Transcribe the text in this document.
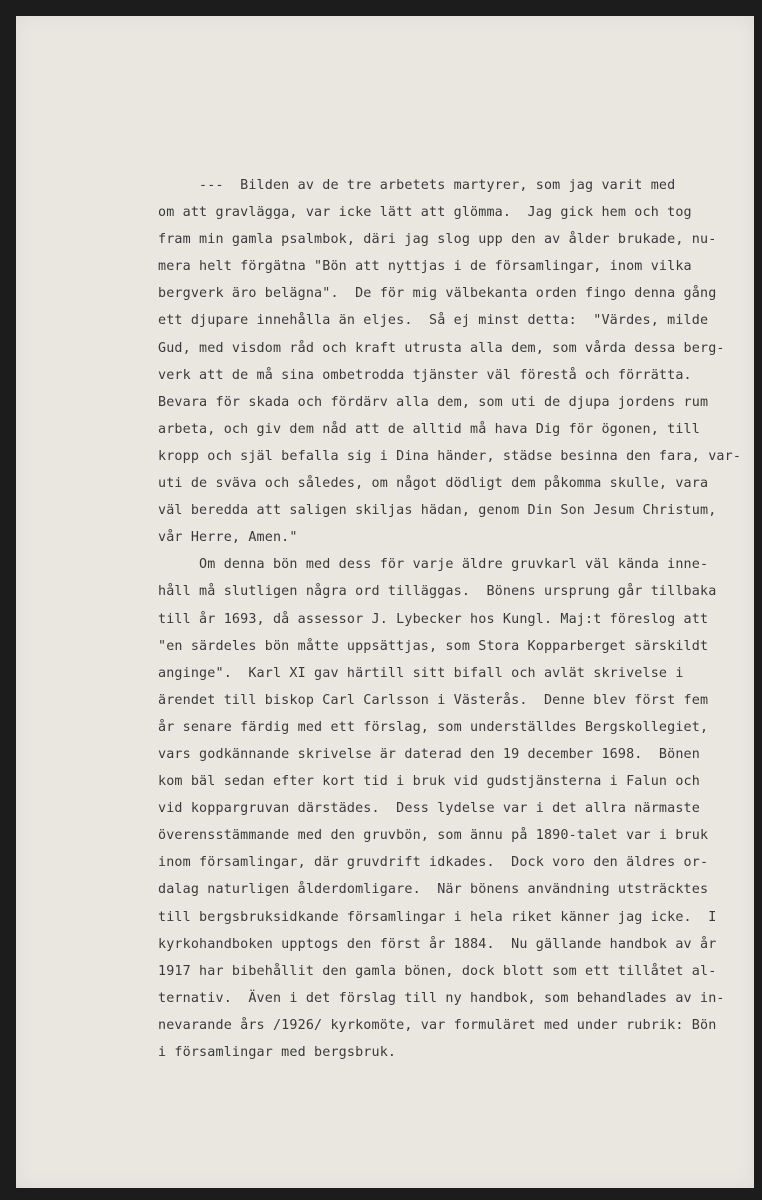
---  Bilden av de tre arbetets martyrer, som jag varit med
om att gravlägga, var icke lätt att glömma.  Jag gick hem och tog
fram min gamla psalmbok, däri jag slog upp den av ålder brukade, nu-
mera helt förgätna "Bön att nyttjas i de församlingar, inom vilka
bergverk äro belägna".  De för mig välbekanta orden fingo denna gång
ett djupare innehålla än eljes.  Så ej minst detta:  "Värdes, milde
Gud, med visdom råd och kraft utrusta alla dem, som vårda dessa berg-
verk att de må sina ombetrodda tjänster väl förestå och förrätta.
Bevara för skada och fördärv alla dem, som uti de djupa jordens rum
arbeta, och giv dem nåd att de alltid må hava Dig för ögonen, till
kropp och själ befalla sig i Dina händer, städse besinna den fara, var-
uti de sväva och således, om något dödligt dem påkomma skulle, vara
väl beredda att saligen skiljas hädan, genom Din Son Jesum Christum,
vår Herre, Amen."
Om denna bön med dess för varje äldre gruvkarl väl kända inne-
håll må slutligen några ord tilläggas.  Bönens ursprung går tillbaka
till år 1693, då assessor J. Lybecker hos Kungl. Maj:t föreslog att
"en särdeles bön måtte uppsättjas, som Stora Kopparberget särskildt
anginge".  Karl XI gav härtill sitt bifall och avlät skrivelse i
ärendet till biskop Carl Carlsson i Västerås.  Denne blev först fem
år senare färdig med ett förslag, som underställdes Bergskollegiet,
vars godkännande skrivelse är daterad den 19 december 1698.  Bönen
kom bäl sedan efter kort tid i bruk vid gudstjänsterna i Falun och
vid koppargruvan därstädes.  Dess lydelse var i det allra närmaste
överensstämmande med den gruvbön, som ännu på 1890-talet var i bruk
inom församlingar, där gruvdrift idkades.  Dock voro den äldres or-
dalag naturligen ålderdomligare.  När bönens användning utsträcktes
till bergsbruksidkande församlingar i hela riket känner jag icke.  I
kyrkohandboken upptogs den först år 1884.  Nu gällande handbok av år
1917 har bibehållit den gamla bönen, dock blott som ett tillåtet al-
ternativ.  Även i det förslag till ny handbok, som behandlades av in-
nevarande års /1926/ kyrkomöte, var formuläret med under rubrik: Bön
i församlingar med bergsbruk.
